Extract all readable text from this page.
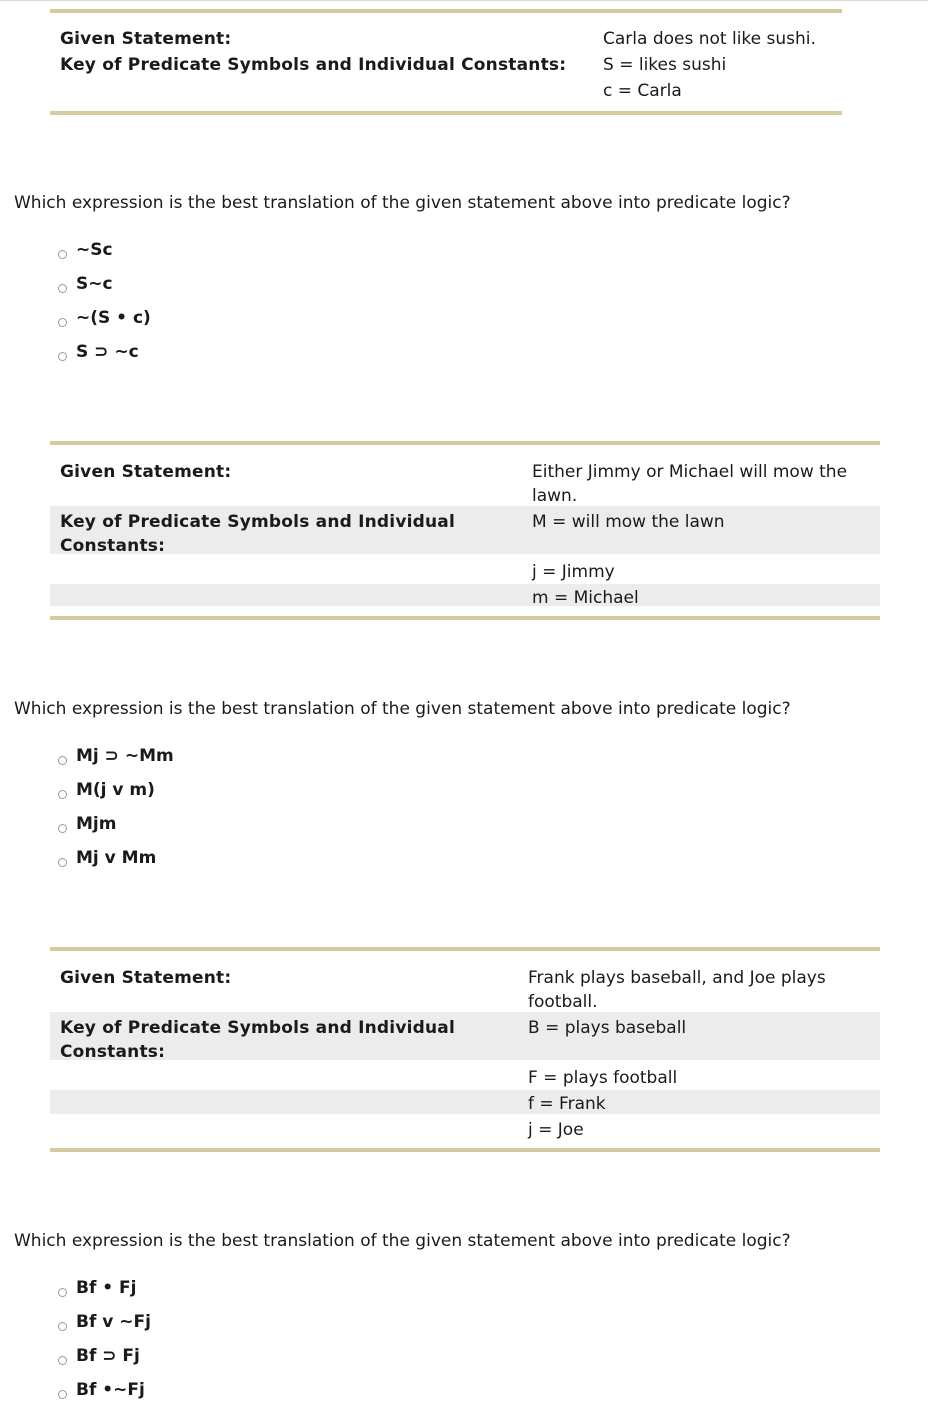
Given Statement:
Key of Predicate Symbols and Individual Constants:
Carla does not like sushi.
S = likes sushi
c = Carla
Which expression is the best translation of the given statement above into predicate logic?
~Sc
S~c
~(S • c)
S ⊃ ~c
Given Statement:
Key of Predicate Symbols and Individual Constants:
Either Jimmy or Michael will mow the lawn.
M = will mow the lawn
j = Jimmy
m = Michael
Which expression is the best translation of the given statement above into predicate logic?
Mj ⊃ ~Mm
M(j v m)
Mjm
Mj v Mm
Given Statement:
Key of Predicate Symbols and Individual Constants:
Frank plays baseball, and Joe plays football.
B = plays baseball
F = plays football
f = Frank
j = Joe
Which expression is the best translation of the given statement above into predicate logic?
Bf • Fj
Bf v ~Fj
Bf ⊃ Fj
Bf •~Fj
